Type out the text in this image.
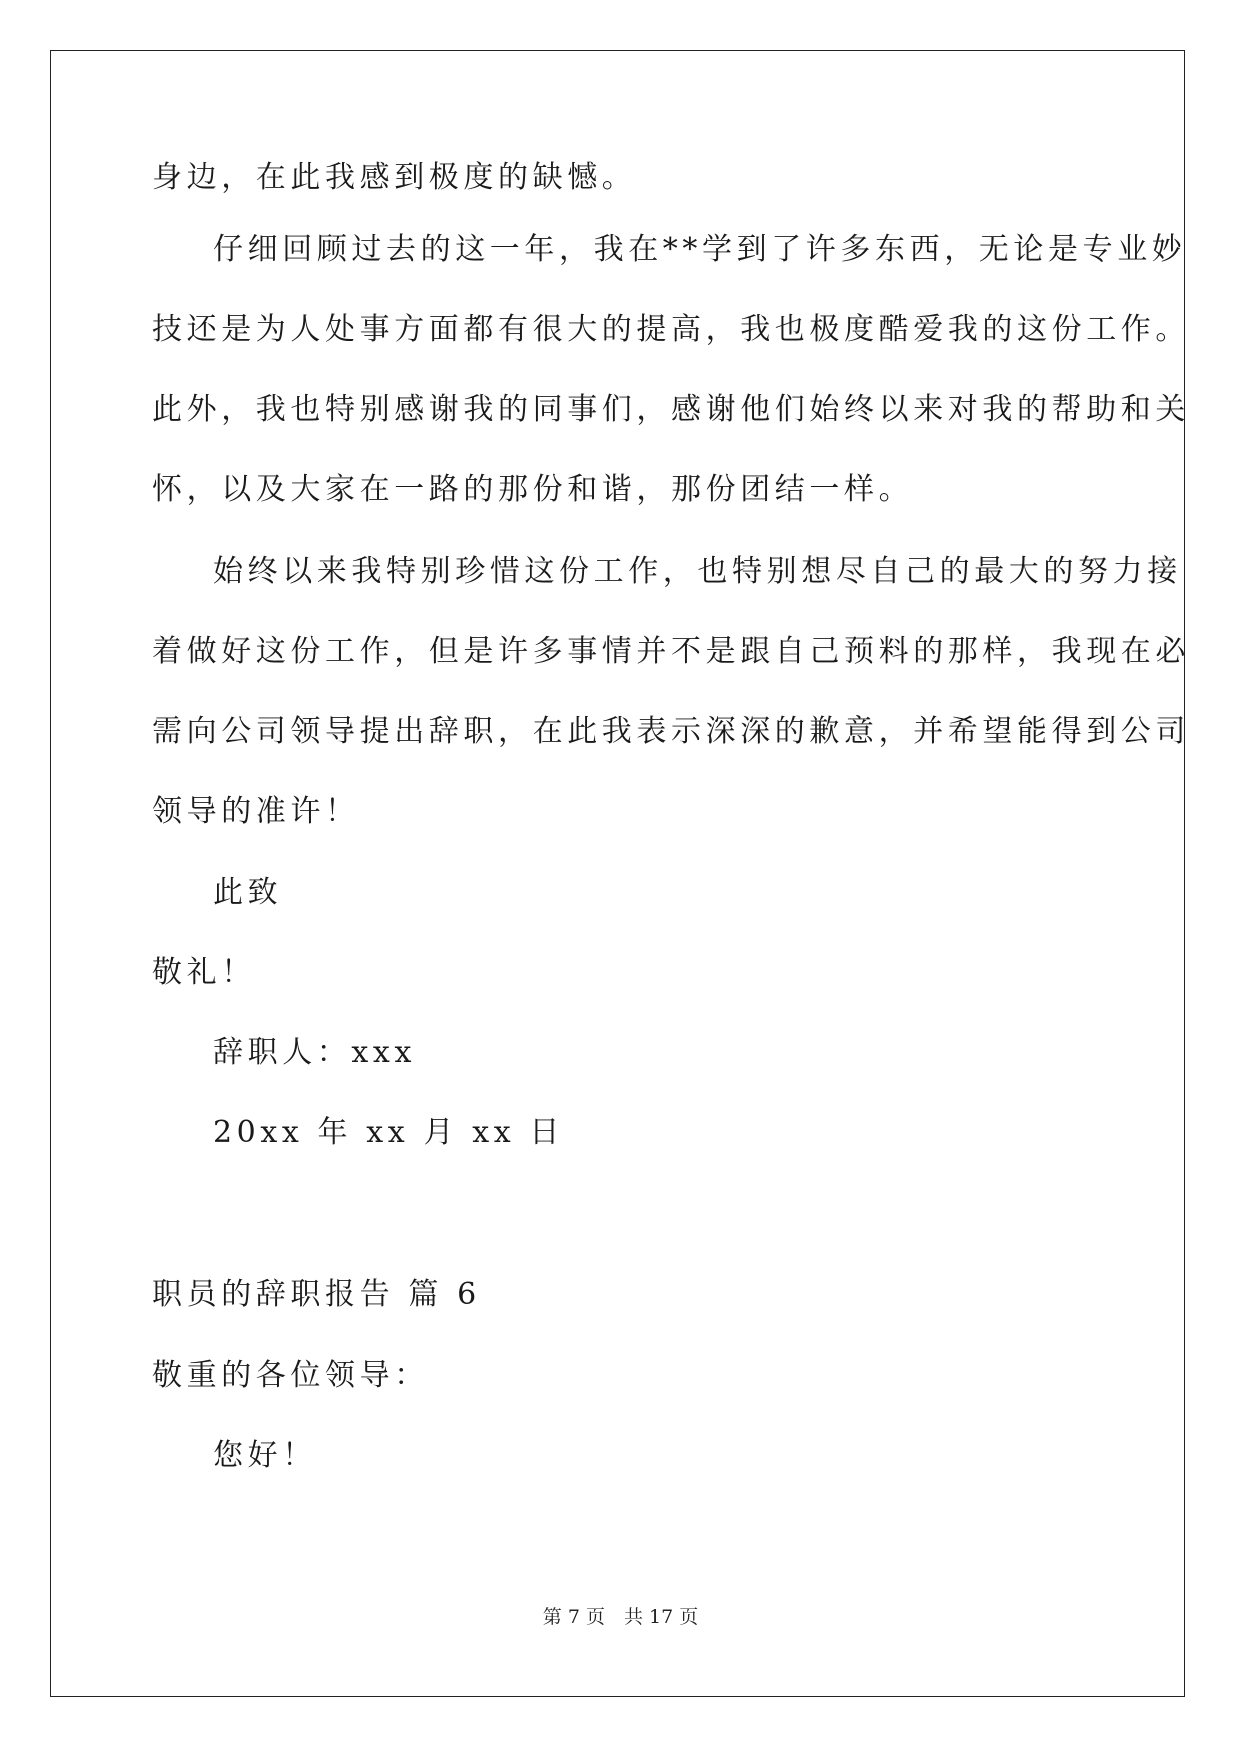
身边，在此我感到极度的缺憾。
仔细回顾过去的这一年，我在**学到了许多东西，无论是专业妙
技还是为人处事方面都有很大的提高，我也极度酷爱我的这份工作。
此外，我也特别感谢我的同事们，感谢他们始终以来对我的帮助和关
怀，以及大家在一路的那份和谐，那份团结一样。
始终以来我特别珍惜这份工作，也特别想尽自己的最大的努力接
着做好这份工作，但是许多事情并不是跟自己预料的那样，我现在必
需向公司领导提出辞职，在此我表示深深的歉意，并希望能得到公司
领导的准许！
此致
敬礼！
辞职人：xxx
20xx 年 xx 月 xx 日
职员的辞职报告 篇 6
敬重的各位领导：
您好！
第 7 页　共 17 页
